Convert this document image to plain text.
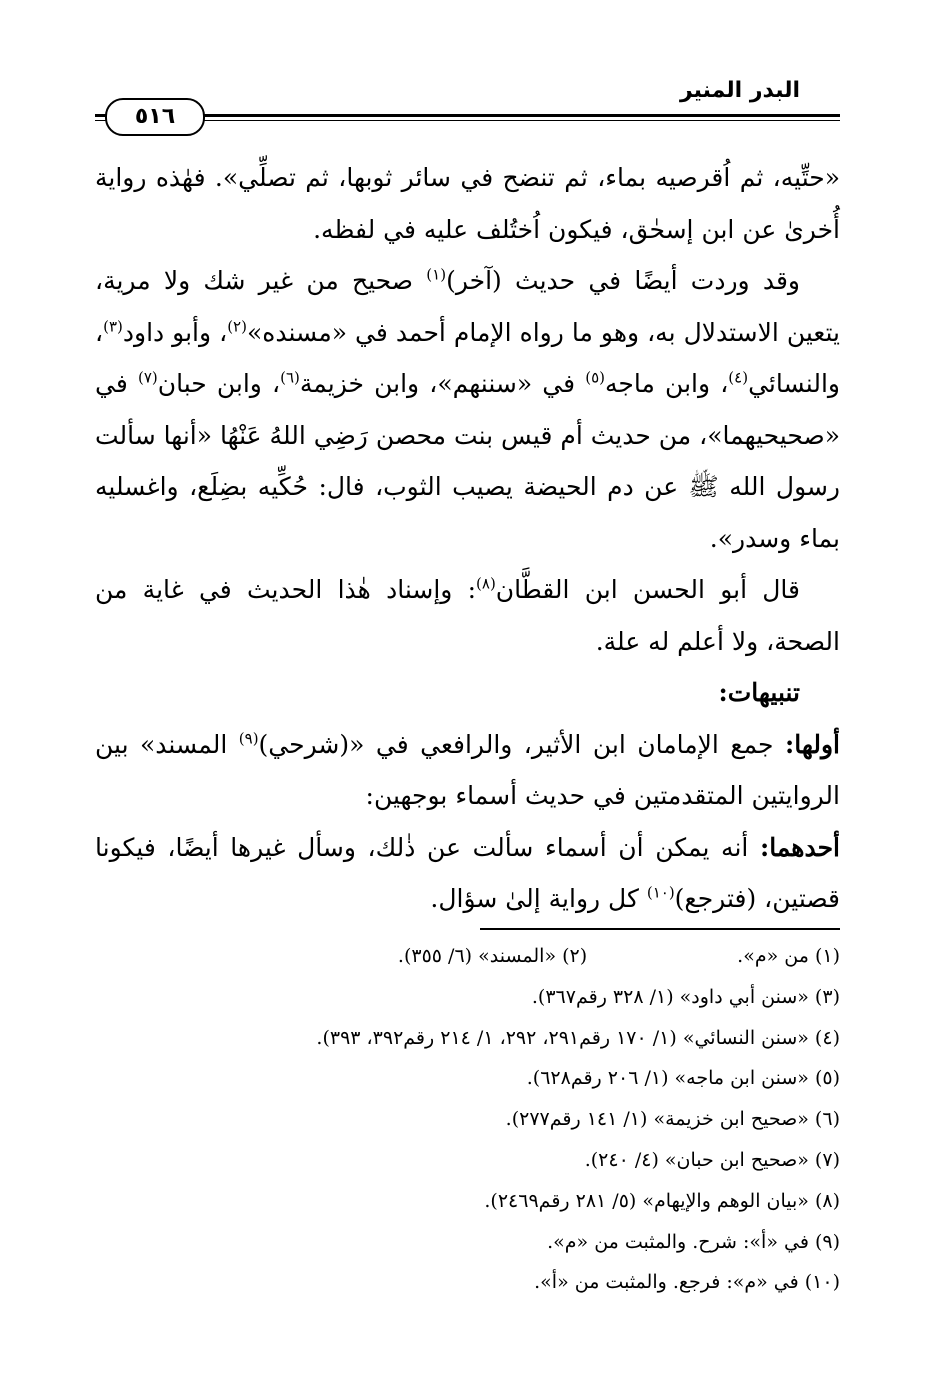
البدر المنير
٥١٦

«حتِّيه، ثم اُقرصيه بماء، ثم تنضح في سائر ثوبها، ثم تصلِّي». فهٰذه رواية أُخرىٰ عن ابن إسحٰق، فيكون اُختُلف عليه في لفظه.

وقد وردت أيضًا في حديث (آخر)$^{(١)}$ صحيح من غير شك ولا مرية، يتعين الاستدلال به، وهو ما رواه الإمام أحمد في «مسنده»$^{(٢)}$، وأبو داود$^{(٣)}$، والنسائي$^{(٤)}$، وابن ماجه$^{(٥)}$ في «سننهم»، وابن خزيمة$^{(٦)}$، وابن حبان$^{(٧)}$ في «صحيحيهما»، من حديث أم قيس بنت محصن رَضِي اللهُ عَنْهُا «أنها سألت رسول الله ﷺ عن دم الحيضة يصيب الثوب، فال: حُكِّيه بضِلَع، واغسليه بماء وسدر».

قال أبو الحسن ابن القطَّان$^{(٨)}$: وإسناد هٰذا الحديث في غاية من الصحة، ولا أعلم له علة.

تنبيهات:

أولها: جمع الإمامان ابن الأثير، والرافعي في «(شرحي)$^{(٩)}$ المسند» بين الروايتين المتقدمتين في حديث أسماء بوجهين:

أحدهما: أنه يمكن أن أسماء سألت عن ذٰلك، وسأل غيرها أيضًا، فيكونا قصتين، (فترجع)$^{(١٠)}$ كل رواية إلىٰ سؤال.

(١) من «م».
(٢) «المسند» (٦/ ٣٥٥).
(٣) «سنن أبي داود» (١/ ٣٢٨ رقم٣٦٧).
(٤) «سنن النسائي» (١/ ١٧٠ رقم٢٩١، ٢٩٢، ١/ ٢١٤ رقم٣٩٢، ٣٩٣).
(٥) «سنن ابن ماجه» (١/ ٢٠٦ رقم٦٢٨).
(٦) «صحيح ابن خزيمة» (١/ ١٤١ رقم٢٧٧).
(٧) «صحيح ابن حبان» (٤/ ٢٤٠).
(٨) «بيان الوهم والإيهام» (٥/ ٢٨١ رقم٢٤٦٩).
(٩) في «أ»: شرح. والمثبت من «م».
(١٠) في «م»: فرجع. والمثبت من «أ».
